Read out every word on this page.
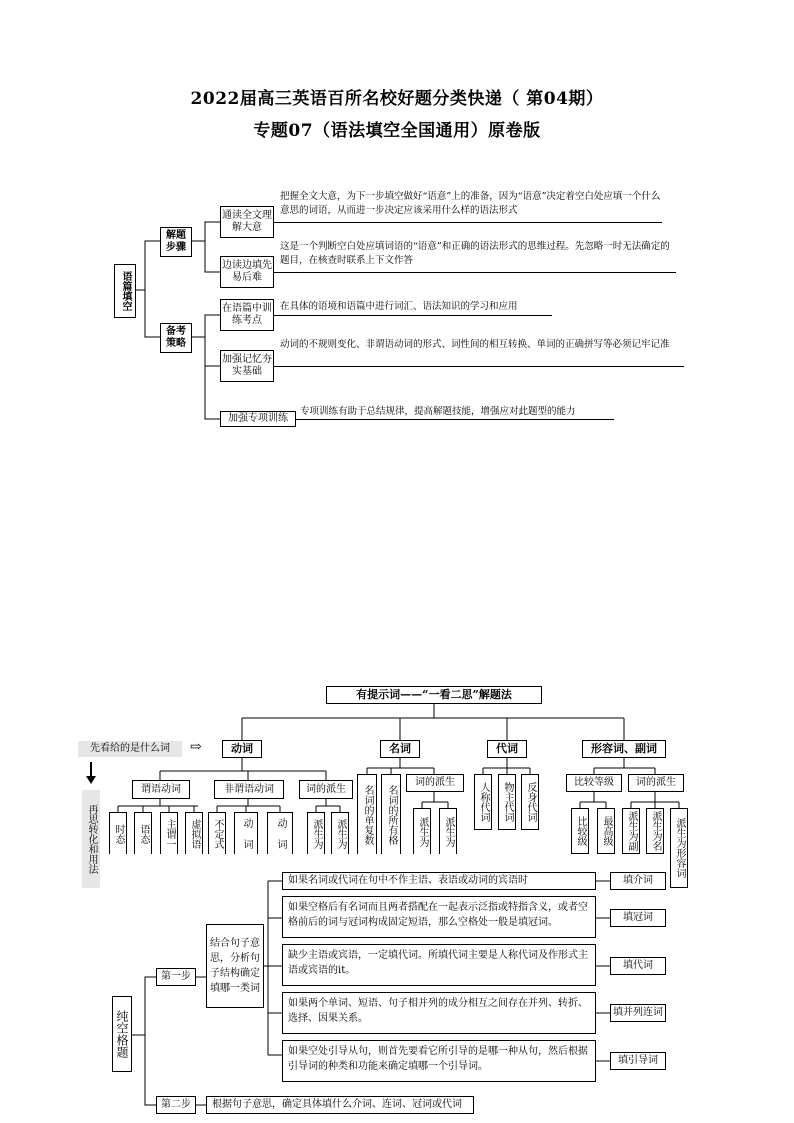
2022届高三英语百所名校好题分类快递（ 第04期）
专题07（语法填空全国通用）原卷版
语篇填空
解题步骤
备考策略
通读全文理解大意
边读边填先易后难
在语篇中训练考点
加强记忆夯实基础
加强专项训练
把握全文大意，为下一步填空做好“语意”上的准备，因为“语意”决定着空白处应填一个什么意思的词语，从而进一步决定应该采用什么样的语法形式
这是一个判断空白处应填词语的“语意”和正确的语法形式的思维过程。先忽略一时无法确定的题目，在核查时联系上下文作答
在具体的语境和语篇中进行词汇、语法知识的学习和应用
动词的不规则变化、非谓语动词的形式、词性间的相互转换、单词的正确拼写等必须记牢记准
专项训练有助于总结规律，提高解题技能，增强应对此题型的能力
有提示词——“一看二思”解题法
先看给的是什么词	⇨
再思转化和用法
动词	名词	代词	形容词、副词
谓语动词	非谓语动词	词的派生
时态	语态	主谓一	虚拟语	不定式	动 词	动 词	派生为	派生为	名词的单复数	名词的所有格
词的派生
派生为	派生为
人称代词	物主代词	反身代词	比较等级	词的派生
比较级	最高级	派生为副	派生为名	派生为形容词
纯空格题
第一步
结合句子意思，分析句子结构确定填哪一类词
如果名词或代词在句中不作主语、表语或动词的宾语时
如果空格后有名词而且两者搭配在一起表示泛指或特指含义，或者空格前后的词与冠词构成固定短语，那么空格处一般是填冠词。
缺少主语或宾语，一定填代词。所填代词主要是人称代词及作形式主语或宾语的it。
如果两个单词、短语、句子相并列的成分相互之间存在并列、转折、选择、因果关系。
如果空处引导从句，则首先要看它所引导的是哪一种从句，然后根据引导词的种类和功能来确定填哪一个引导词。
填介词
填冠词
填代词
填并列连词
填引导词
第二步	根据句子意思，确定具体填什么介词、连词、冠词或代词
